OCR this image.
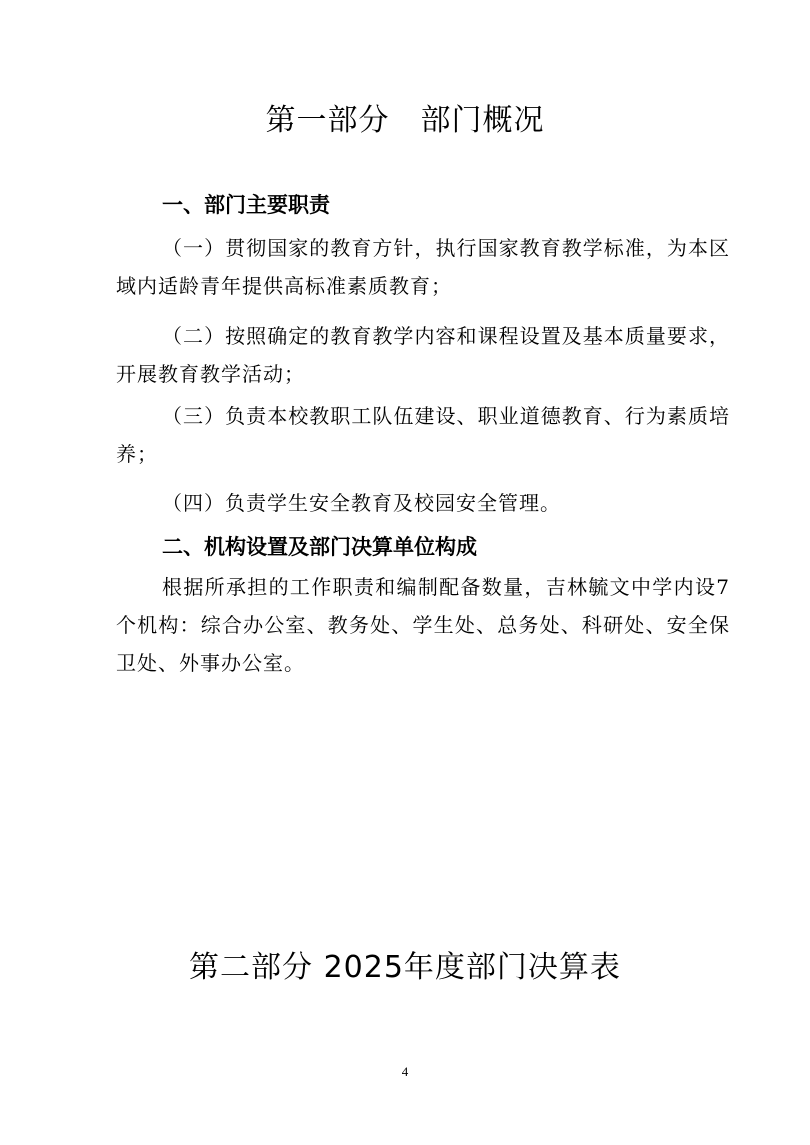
第一部分　部门概况
一、部门主要职责
（一）贯彻国家的教育方针，执行国家教育教学标准，为本区域内适龄青年提供高标准素质教育；
（二）按照确定的教育教学内容和课程设置及基本质量要求，开展教育教学活动；
（三）负责本校教职工队伍建设、职业道德教育、行为素质培养；
（四）负责学生安全教育及校园安全管理。
二、机构设置及部门决算单位构成
根据所承担的工作职责和编制配备数量，吉林毓文中学内设7个机构：综合办公室、教务处、学生处、总务处、科研处、安全保卫处、外事办公室。
第二部分 2025年度部门决算表
4
